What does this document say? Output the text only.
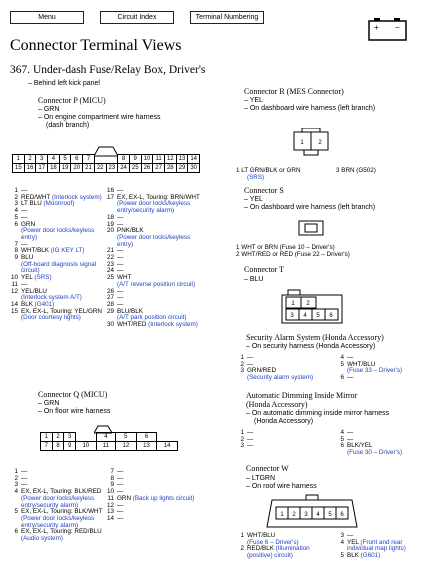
Menu	Circuit Index	Terminal Numbering
+ −
Connector Terminal Views
367. Under-dash Fuse/Relay Box, Driver's
– Behind left kick panel
Connector P (MICU)
– GRN
– On engine compartment wire harness
(dash branch)
1	2	3	4	5	6	7			8	9	10	11	12	13	14
15	16	17	18	19	20	21	22	23	24	25	26	27	28	29	30
1 —
2 RED/WHT (Interlock system)
3 LT BLU (Moonroof)
4 —
5 —
6 GRN
(Power door locks/keyless
entry)
7 —
8 WHT/BLK (IG KEY LT)
9 BLU
(Off-board diagnosis signal
circuit)
10 YEL (SRS)
11 —
12 YEL/BLU
(Interlock system A/T)
14 BLK (G401)
15 EX, EX-L, Touring: YEL/GRN
(Door courtesy lights)
16 —
17 EX, EX-L, Touring: BRN/WHT
(Power door locks/keyless
entry/security alarm)
18 —
19 —
20 PNK/BLK
(Power door locks/keyless
entry)
21 —
22 —
23 —
24 —
25 WHT
(A/T reverse position circuit)
26 —
27 —
28 —
29 BLU/BLK
(A/T park position circuit)
30 WHT/RED (Interlock system)
Connector Q (MICU)
– GRN
– On floor wire harness
1	2	3		4	5	6	
7	8	9	10	11	12	13	14
1 —
2 —
3 —
4 EX, EX-L, Touring: BLK/RED
(Power door locks/keyless
entry/security alarm)
5 EX, EX-L, Touring: BLK/WHT
(Power door locks/keyless
entry/security alarm)
6 EX, EX-L, Touring: RED/BLU
(Audio system)
7 —
8 —
9 —
10 —
11 GRN (Back up lights circuit)
12 —
13 —
14 —
Connector R (MES Connector)
– YEL
– On dashboard wire harness (left branch)
1 2
1 LT GRN/BLK or GRN
(SRS)
3 BRN (G502)
Connector S
– YEL
– On dashboard wire harness (left branch)
1 WHT or BRN (Fuse 10 – Driver's)
2 WHT/RED or RED (Fuse 22 – Driver's)
Connector T
– BLU
1 2
3 4 5 6
Security Alarm System (Honda Accessory)
– On security harness (Honda Accessory)
1 —
2 —
3 GRN/RED
(Security alarm system)
4 —
5 WHT/BLU
(Fuse 33 – Driver's)
6 —
Automatic Dimming Inside Mirror
(Honda Accessory)
– On automatic dimming inside mirror harness
(Honda Accessory)
1 —
2 —
3 —
4 —
5 —
6 BLK/YEL
(Fuse 30 – Driver's)
Connector W
– LTGRN
– On roof wire harness
1 2 3 4 5 6
1 WHT/BLU
(Fuse 6 – Driver's)
2 RED/BLK (Illumination
(positive) circuit)
3 —
4 YEL (Front and rear
individual map lights)
5 BLK (G601)
